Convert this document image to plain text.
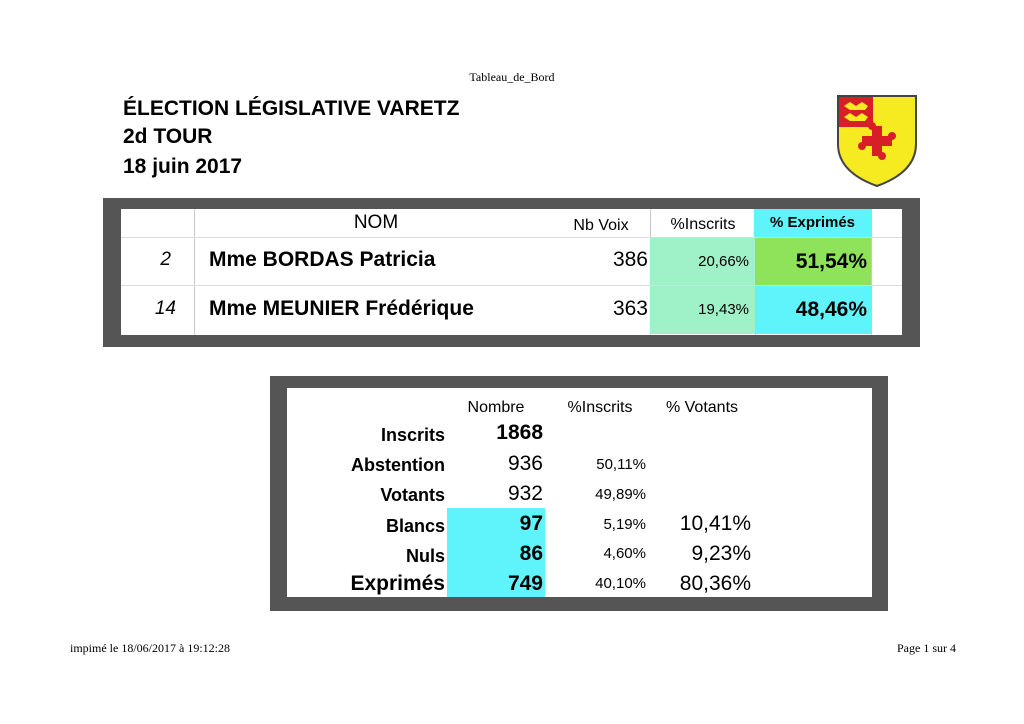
Tableau_de_Bord
ÉLECTION LÉGISLATIVE VARETZ
2d TOUR
18 juin 2017
NOM	Nb Voix	%Inscrits	% Exprimés
2 Mme BORDAS Patricia	386	20,66%	51,54%
14 Mme MEUNIER Frédérique	363	19,43%	48,46%
Nombre	%Inscrits	% Votants
Inscrits	1868
Abstention	936	50,11%
Votants	932	49,89%
Blancs	97	5,19%	10,41%
Nuls	86	4,60%	9,23%
Exprimés	749	40,10%	80,36%
impimé le 18/06/2017 à 19:12:28	Page 1 sur 4
